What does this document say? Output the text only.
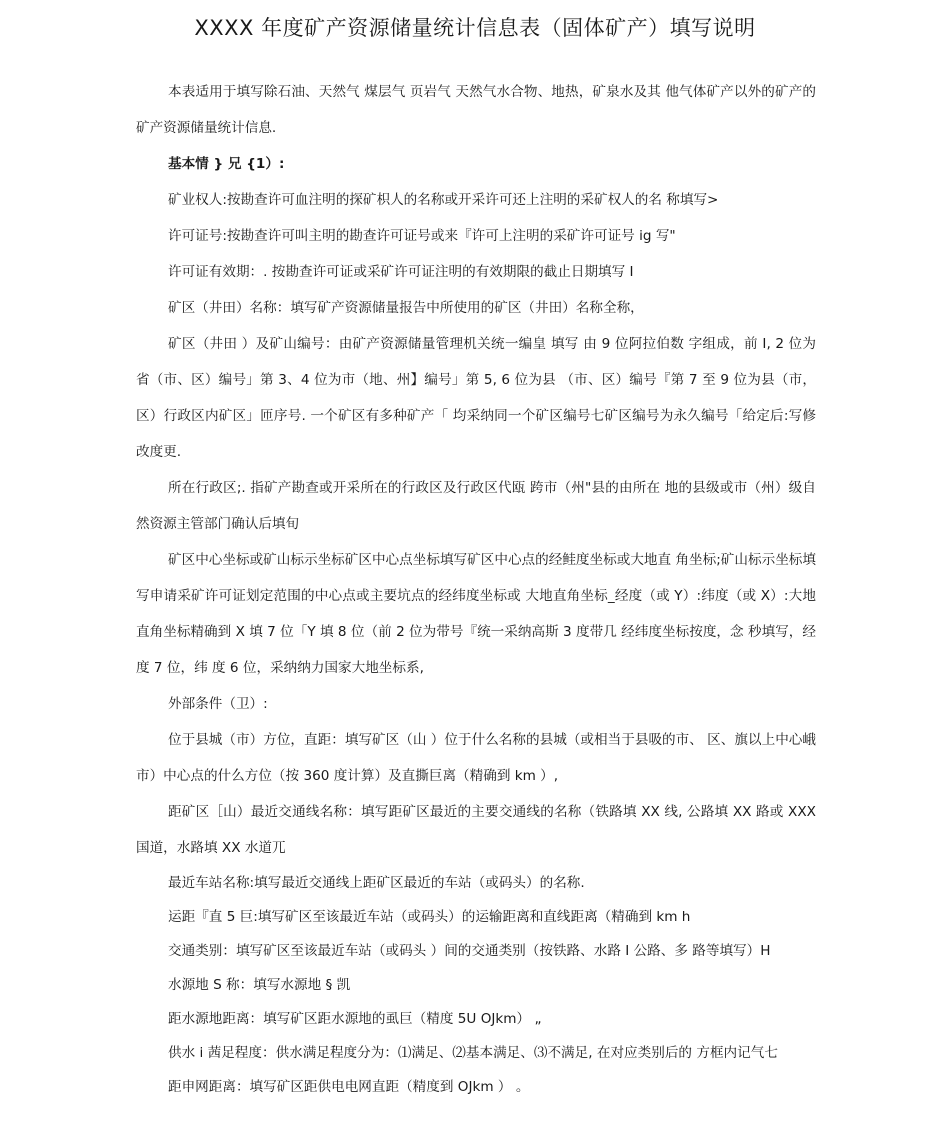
XXXX 年度矿产资源储量统计信息表（固体矿产）填写说明

本表适用于填写除石油、天然气 煤层气 页岩气 天然气水合物、地热，矿泉水及其 他气体矿产以外的矿产的矿产资源储量统计信息.

基本情 } 兄 {1）:

矿业权人:按勘查许可血注明的探矿枳人的名称或开采许可还上注明的采矿权人的名 称填写>

许可证号:按勘查许可叫主明的勘查许可证号或来『许可上注明的采矿许可证号 ig 写"

许可证有效期：. 按勘查许可证或采矿许可证注明的有效期限的截止日期填写 I

矿区（井田）名称：填写矿产资源储量报告中所使用的矿区（井田）名称全称，

矿区（井田 ）及矿山编号：由矿产资源储量管理机关统一编皇 填写 由 9 位阿拉伯数 字组成，前 I, 2 位为省（市、区）编号」第 3、4 位为市（地、州】编号」第 5, 6 位为县 （市、区）编号『第 7 至 9 位为县（市，区）行政区内矿区」匝序号. 一个矿区有多种矿产「 均采纳同一个矿区编号七矿区编号为永久编号「给定后:写修改度更.

所在行政区;. 指矿产勘查或开采所在的行政区及行政区代瓯 跨市（州"县的由所在 地的县级或市（州）级自然资源主管部门确认后填旬

矿区中心坐标或矿山标示坐标矿区中心点坐标填写矿区中心点的经鲑度坐标或大地直 角坐标;矿山标示坐标填写申请采矿许可证划定范围的中心点或主要坑点的经纬度坐标或 大地直角坐标_经度（或 Y）:纬度（或 X）:大地直角坐标精确到 X 填 7 位「Y 填 8 位（前 2 位为带号『统一采纳高斯 3 度带几 经纬度坐标按度，念 秒填写，经度 7 位，纬 度 6 位，采纳纳力国家大地坐标系,

外部条件（卫）:

位于县城（市）方位，直距：填写矿区（山 ）位于什么名称的县城（或相当于县吸的市、 区、旗以上中心峨市）中心点的什么方位（按 360 度计算）及直撕巨离（精确到 km ）,

距矿区［山）最近交通线名称：填写距矿区最近的主要交通线的名称（铁路填 XX 线, 公路填 XX 路或 XXX 国道，水路填 XX 水道兀

最近车站名称:填写最近交通线上距矿区最近的车站（或码头）的名称.

运距『直 5 巨:填写矿区至该最近车站（或码头）的运输距离和直线距离（精确到 km h

交通类别：填写矿区至该最近车站（或码头 ）间的交通类别（按铁路、水路 I 公路、多 路等填写）H

水源地 S 称：填写水源地 § 凯

距水源地距离：填写矿区距水源地的虱巨（精度 5U OJkm） „

供水 i 茜足程度：供水满足程度分为：⑴满足、⑵基本满足、⑶不满足, 在对应类别后的 方框内记气七

距申网距离：填写矿区距供电电网直距（精度到 OJkm ） 。
